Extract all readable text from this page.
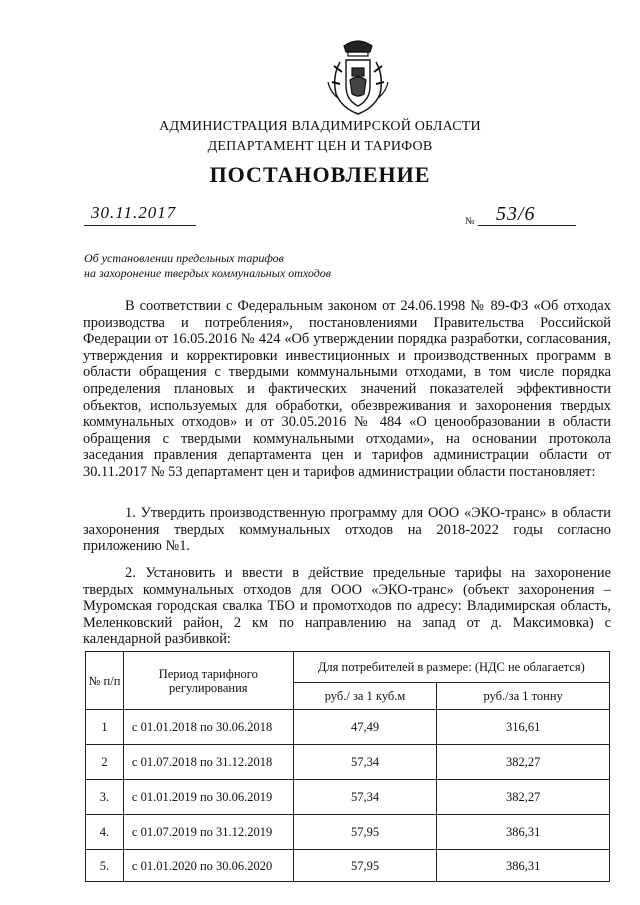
АДМИНИСТРАЦИЯ ВЛАДИМИРСКОЙ ОБЛАСТИ
ДЕПАРТАМЕНТ ЦЕН И ТАРИФОВ
ПОСТАНОВЛЕНИЕ
30.11.2017	№ 53/6
Об установлении предельных тарифов
на захоронение твердых коммунальных отходов

В соответствии с Федеральным законом от 24.06.1998 № 89-ФЗ «Об отходах производства и потребления», постановлениями Правительства Российской Федерации от 16.05.2016 № 424 «Об утверждении порядка разработки, согласования, утверждения и корректировки инвестиционных и производственных программ в области обращения с твердыми коммунальными отходами, в том числе порядка определения плановых и фактических значений показателей эффективности объектов, используемых для обработки, обезвреживания и захоронения твердых коммунальных отходов» и от 30.05.2016 № 484 «О ценообразовании в области обращения с твердыми коммунальными отходами», на основании протокола заседания правления департамента цен и тарифов администрации области от 30.11.2017 № 53 департамент цен и тарифов администрации области постановляет:

1. Утвердить производственную программу для ООО «ЭКО-транс» в области захоронения твердых коммунальных отходов на 2018-2022 годы согласно приложению №1.

2. Установить и ввести в действие предельные тарифы на захоронение твердых коммунальных отходов для ООО «ЭКО-транс» (объект захоронения – Муромская городская свалка ТБО и промотходов по адресу: Владимирская область, Меленковский район, 2 км по направлению на запад от д. Максимовка) с календарной разбивкой:

№ п/п	Период тарифного регулирования	Для потребителей в размере: (НДС не облагается)	
		руб./ за 1 куб.м	руб./за 1 тонну
1	с 01.01.2018 по 30.06.2018	47,49	316,61
2	с 01.07.2018 по 31.12.2018	57,34	382,27
3.	с 01.01.2019 по 30.06.2019	57,34	382,27
4.	с 01.07.2019 по 31.12.2019	57,95	386,31
5.	с 01.01.2020 по 30.06.2020	57,95	386,31
